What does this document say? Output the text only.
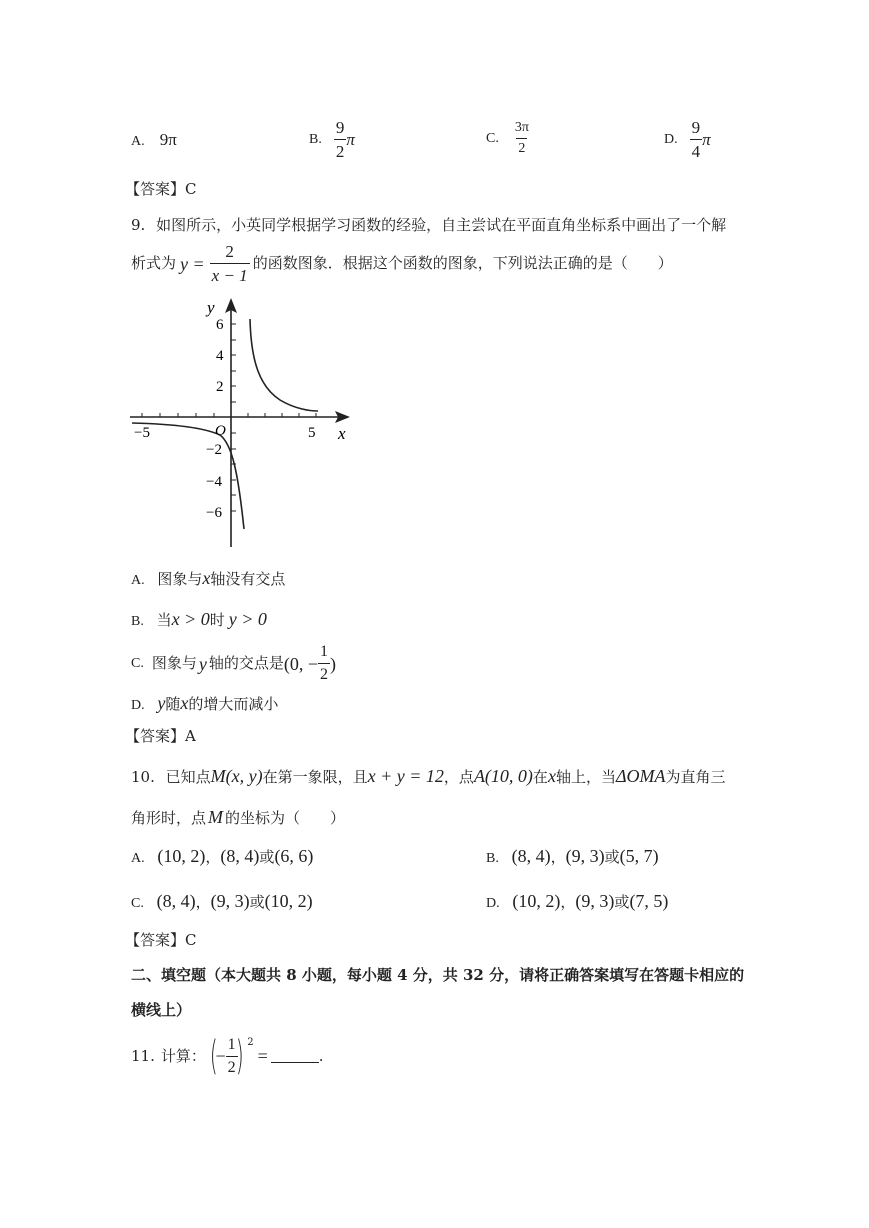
A. 9π	B. $\frac{9}{2}$ π	C. $\frac{3\pi}{2}$	D. $\frac{9}{4}$ π
【答案】C
9. 如图所示，小英同学根据学习函数的经验，自主尝试在平面直角坐标系中画出了一个解
析式为 $y = \frac{2}{x - 1}$ 的函数图象．根据这个函数的图象，下列说法正确的是（　　）
y
x
O
−5	5
6
4
2
−2
−4
−6
A. 图象与x轴没有交点
B. 当x > 0时 y > 0
C. 图象与 y 轴的交点是 (0, − $\frac{1}{2}$ )
D. y随x的增大而减小
【答案】A
10. 已知点M(x, y)在第一象限，且x + y = 12，点A(10, 0)在x轴上，当ΔOMA为直角三
角形时，点 M 的坐标为（　　）
A. (10, 2)，(8, 4)或(6, 6)	B. (8, 4)，(9, 3)或(5, 7)
C. (8, 4)，(9, 3)或(10, 2)	D. (10, 2)，(9, 3)或(7, 5)
【答案】C
二、填空题（本大题共 8 小题，每小题 4 分，共 32 分，请将正确答案填写在答题卡相应的
横线上）
11. 计算： (
− $\frac{1}{2}$
) 2
=	.
